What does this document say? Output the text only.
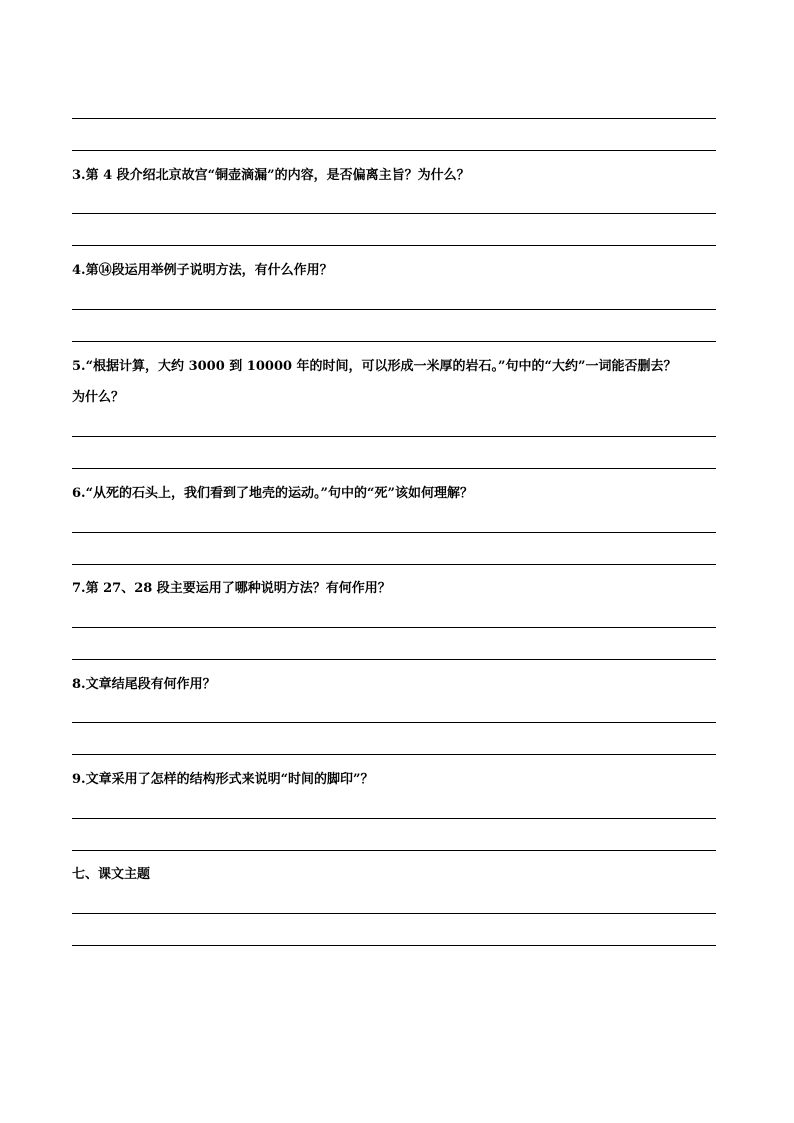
3.第 4 段介绍北京故宫“铜壶滴漏”的内容，是否偏离主旨？为什么？
4.第⑭段运用举例子说明方法，有什么作用？
5.“根据计算，大约 3000 到 10000 年的时间，可以形成一米厚的岩石。”句中的“大约”一词能否删去？
为什么？
6.“从死的石头上，我们看到了地壳的运动。”句中的“死”该如何理解？
7.第 27、28 段主要运用了哪种说明方法？有何作用？
8.文章结尾段有何作用？
9.文章采用了怎样的结构形式来说明“时间的脚印”？
七、课文主题
